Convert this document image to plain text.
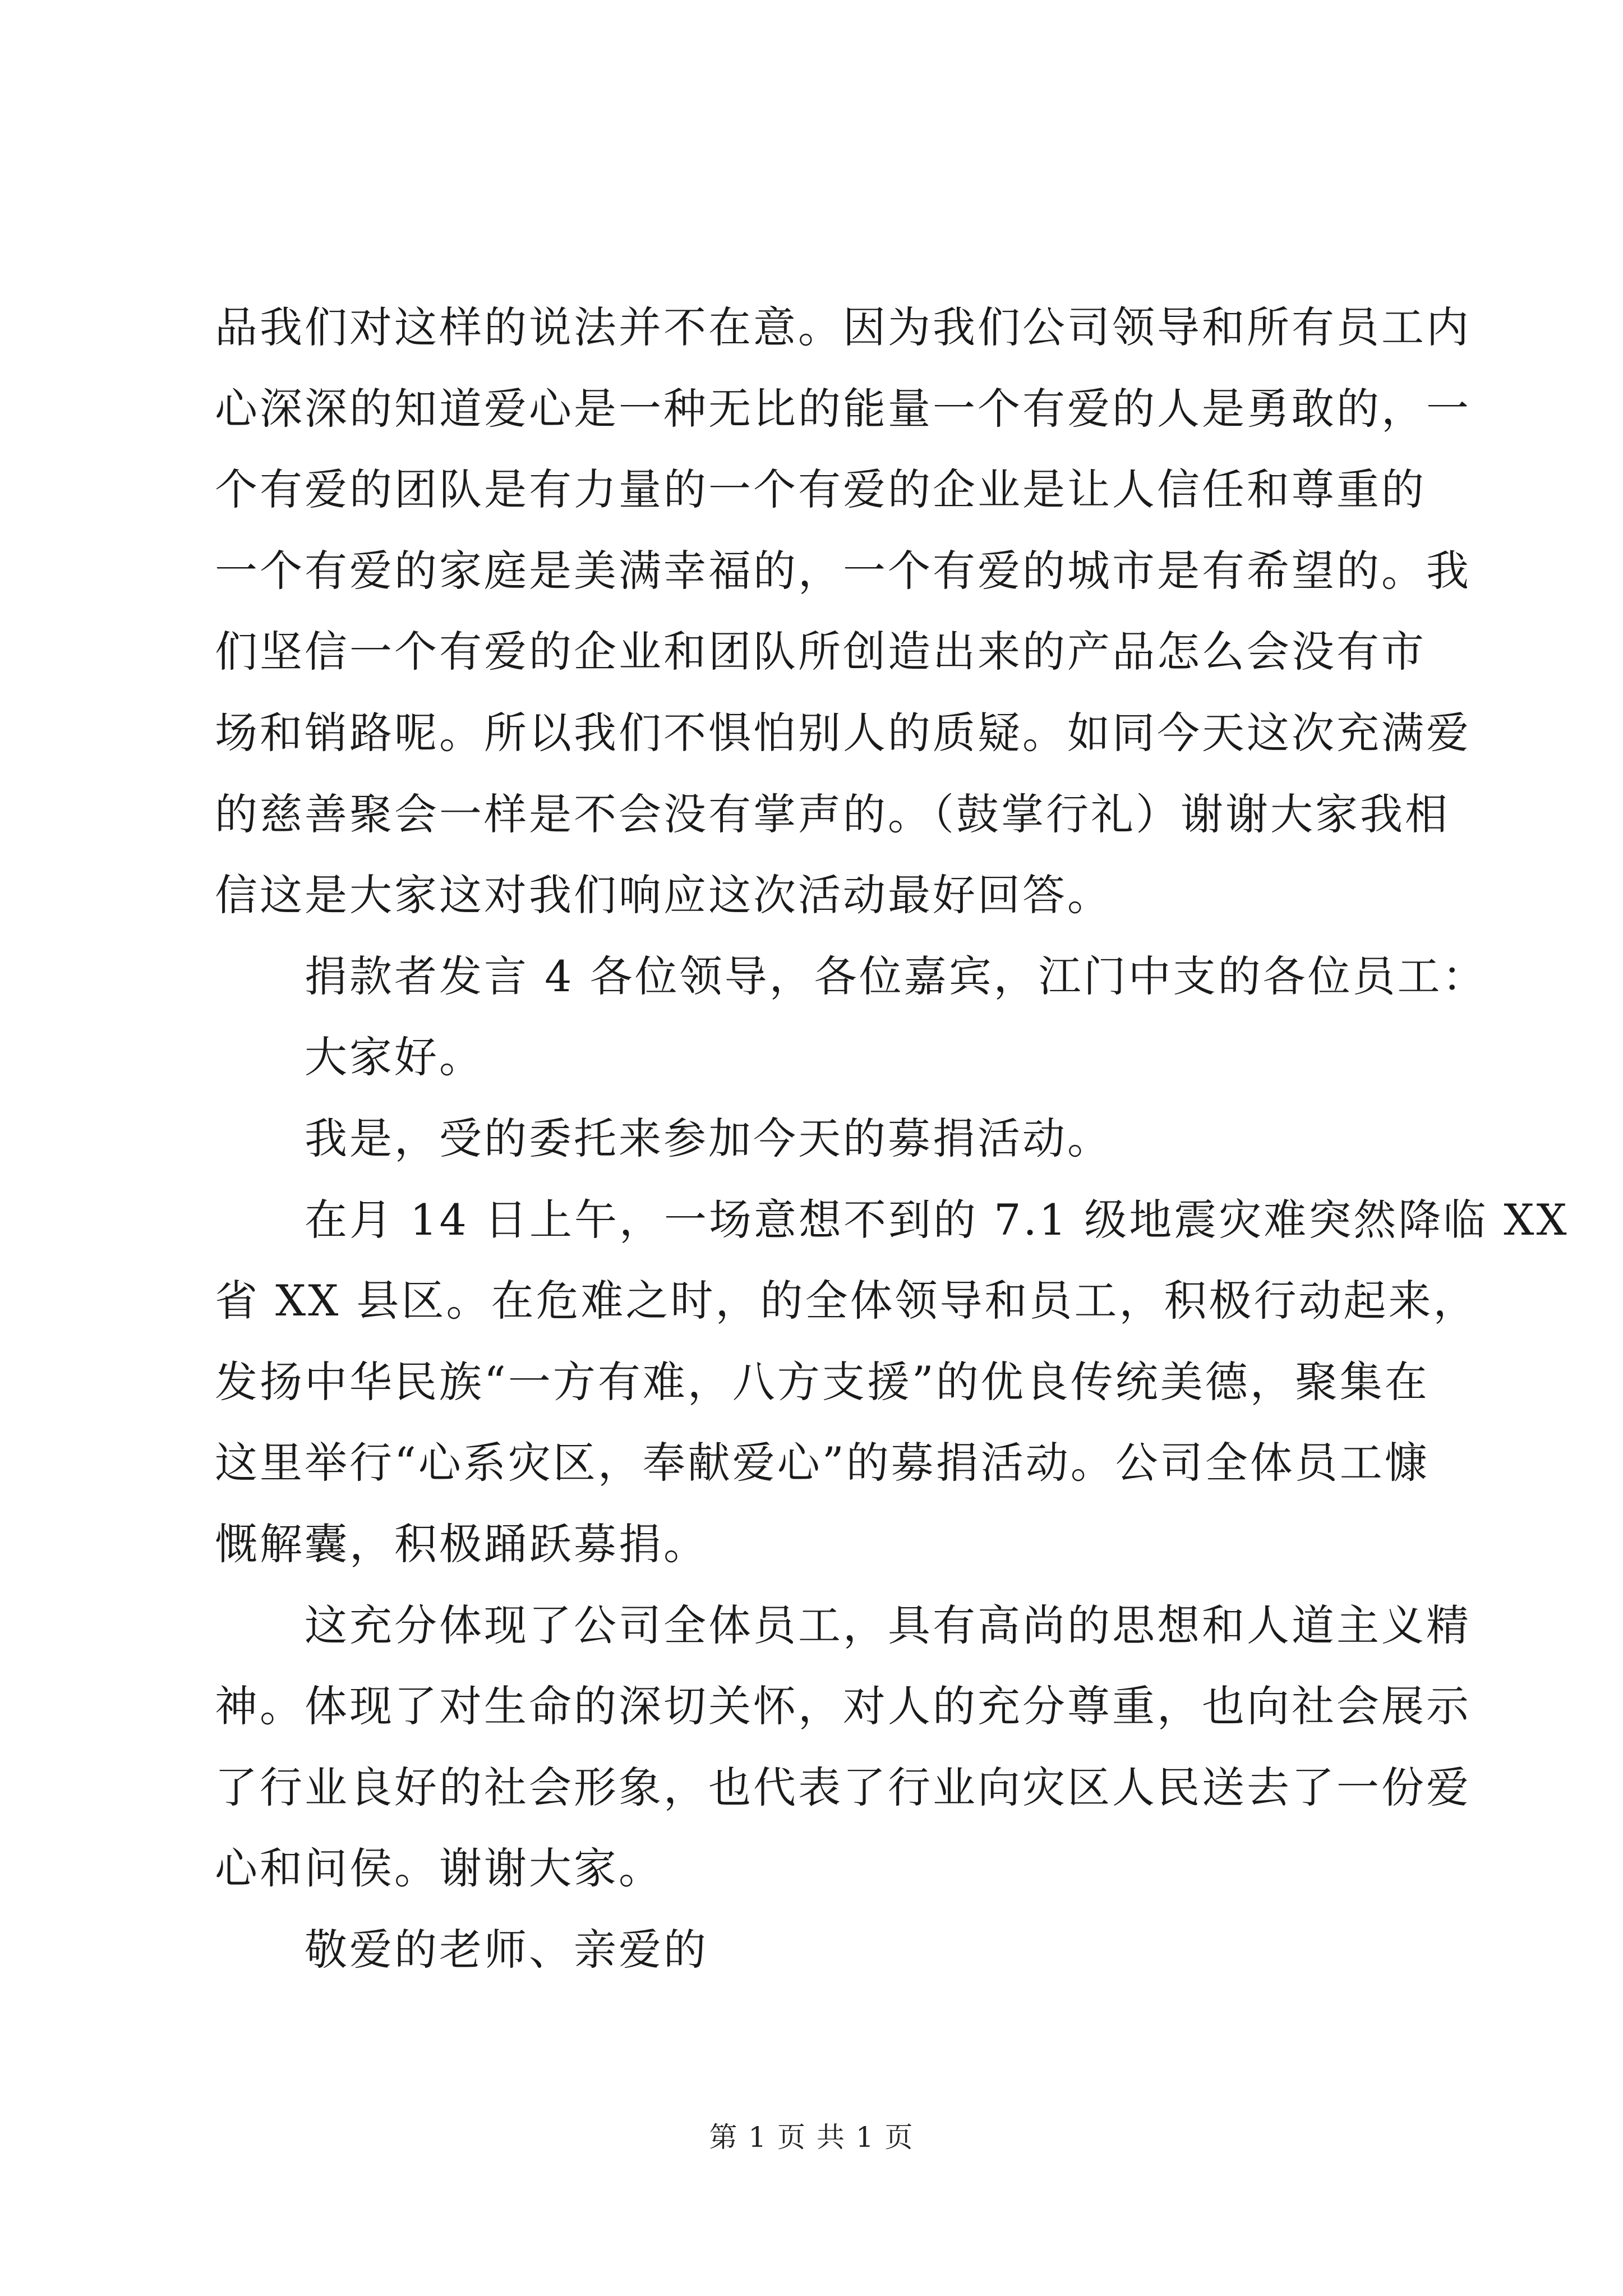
品我们对这样的说法并不在意。因为我们公司领导和所有员工内
心深深的知道爱心是一种无比的能量一个有爱的人是勇敢的，一
个有爱的团队是有力量的一个有爱的企业是让人信任和尊重的
一个有爱的家庭是美满幸福的，一个有爱的城市是有希望的。我
们坚信一个有爱的企业和团队所创造出来的产品怎么会没有市
场和销路呢。所以我们不惧怕别人的质疑。如同今天这次充满爱
的慈善聚会一样是不会没有掌声的。（鼓掌行礼）谢谢大家我相
信这是大家这对我们响应这次活动最好回答。
捐款者发言 4 各位领导，各位嘉宾，江门中支的各位员工：
大家好。
我是，受的委托来参加今天的募捐活动。
在月 14 日上午，一场意想不到的 7.1 级地震灾难突然降临 XX
省 XX 县区。在危难之时，的全体领导和员工，积极行动起来，
发扬中华民族“一方有难，八方支援”的优良传统美德，聚集在
这里举行“心系灾区，奉献爱心”的募捐活动。公司全体员工慷
慨解囊，积极踊跃募捐。
这充分体现了公司全体员工，具有高尚的思想和人道主义精
神。体现了对生命的深切关怀，对人的充分尊重，也向社会展示
了行业良好的社会形象，也代表了行业向灾区人民送去了一份爱
心和问侯。谢谢大家。
敬爱的老师、亲爱的
第 1 页 共 1 页
